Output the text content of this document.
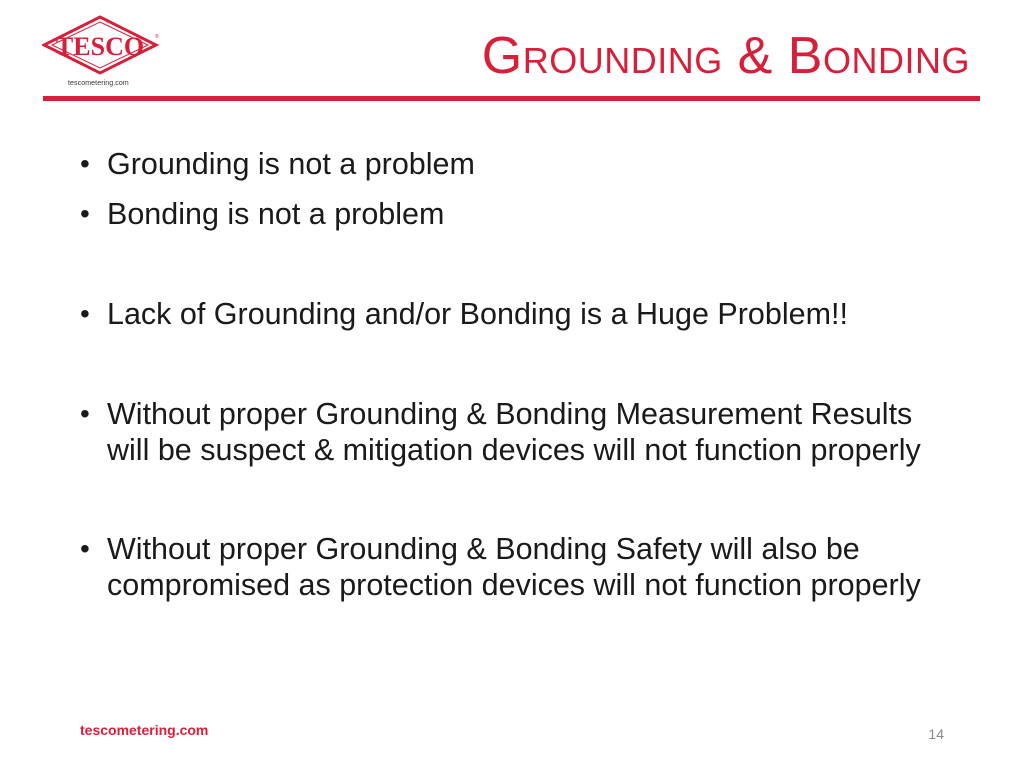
TESCO ®
tescometering.com	Grounding & Bonding
• Grounding is not a problem
• Bonding is not a problem
• Lack of Grounding and/or Bonding is a Huge Problem!!
• Without proper Grounding & Bonding Measurement Results will be suspect & mitigation devices will not function properly
• Without proper Grounding & Bonding Safety will also be compromised as protection devices will not function properly
tescometering.com	14
